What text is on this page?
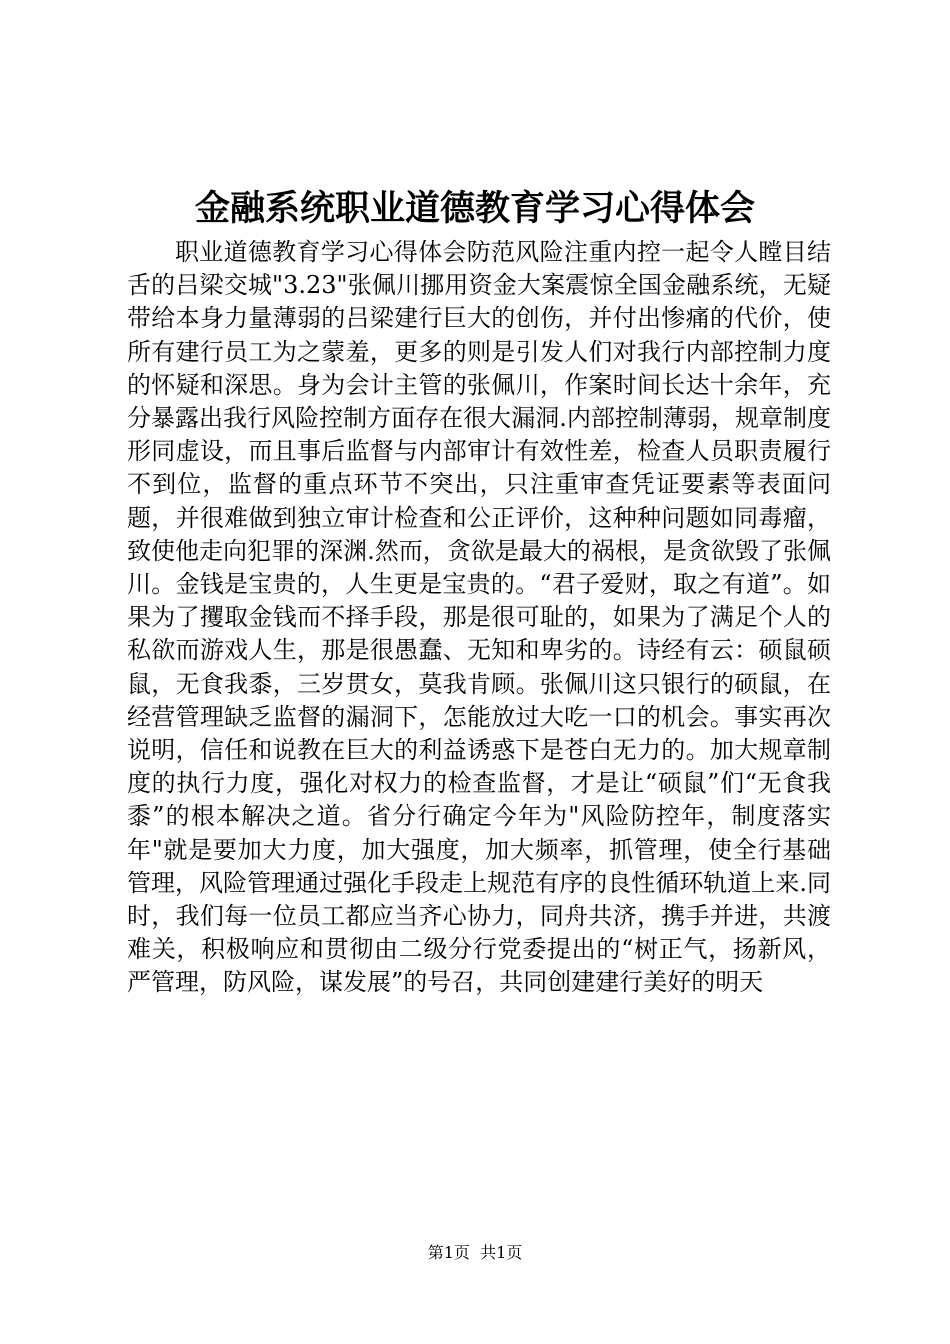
金融系统职业道德教育学习心得体会

职业道德教育学习心得体会防范风险注重内控一起令人瞠目结舌的吕梁交城"3.23"张佩川挪用资金大案震惊全国金融系统，无疑带给本身力量薄弱的吕梁建行巨大的创伤，并付出惨痛的代价，使所有建行员工为之蒙羞，更多的则是引发人们对我行内部控制力度的怀疑和深思。身为会计主管的张佩川，作案时间长达十余年，充分暴露出我行风险控制方面存在很大漏洞.内部控制薄弱，规章制度形同虚设，而且事后监督与内部审计有效性差，检查人员职责履行不到位，监督的重点环节不突出，只注重审查凭证要素等表面问题，并很难做到独立审计检查和公正评价，这种种问题如同毒瘤，致使他走向犯罪的深渊.然而，贪欲是最大的祸根，是贪欲毁了张佩川。金钱是宝贵的，人生更是宝贵的。“君子爱财，取之有道”。如果为了攫取金钱而不择手段，那是很可耻的，如果为了满足个人的私欲而游戏人生，那是很愚蠢、无知和卑劣的。诗经有云：硕鼠硕鼠，无食我黍，三岁贯女，莫我肯顾。张佩川这只银行的硕鼠，在经营管理缺乏监督的漏洞下，怎能放过大吃一口的机会。事实再次说明，信任和说教在巨大的利益诱惑下是苍白无力的。加大规章制度的执行力度，强化对权力的检查监督，才是让“硕鼠”们“无食我黍”的根本解决之道。省分行确定今年为"风险防控年，制度落实年"就是要加大力度，加大强度，加大频率，抓管理，使全行基础管理，风险管理通过强化手段走上规范有序的良性循环轨道上来.同时，我们每一位员工都应当齐心协力，同舟共济，携手并进，共渡难关，积极响应和贯彻由二级分行党委提出的“树正气，扬新风，严管理，防风险，谋发展”的号召，共同创建建行美好的明天

第1页 共1页
